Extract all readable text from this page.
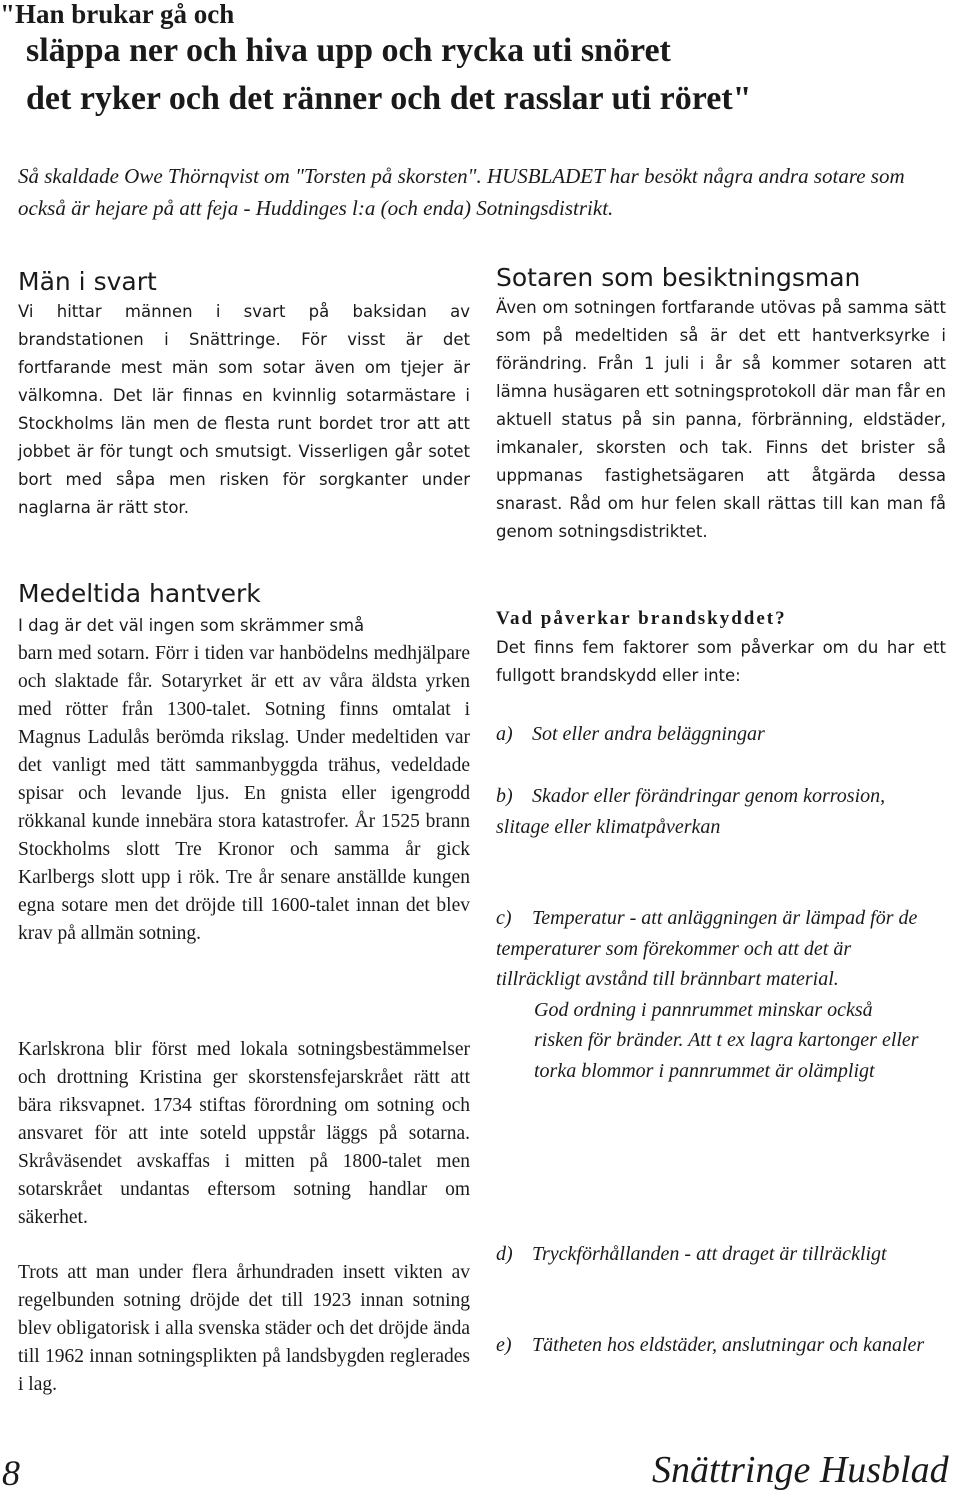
"Han brukar gå och
släppa ner och hiva upp och rycka uti snöret
det ryker och det ränner och det rasslar uti röret"
Så skaldade Owe Thörnqvist om "Torsten på skorsten". HUSBLADET har besökt några andra sotare som också är hejare på att feja - Huddinges l:a (och enda) Sotningsdistrikt.
Män i svart
Vi hittar männen i svart på baksidan av brandstationen i Snättringe. För visst är det fortfarande mest män som sotar även om tjejer är välkomna. Det lär finnas en kvinnlig sotarmästare i Stockholms län men de flesta runt bordet tror att att jobbet är för tungt och smutsigt. Visserligen går sotet bort med såpa men risken för sorgkanter under naglarna är rätt stor.
Medeltida hantverk
I dag är det väl ingen som skrämmer små
barn med sotarn. Förr i tiden var hanbödelns medhjälpare och slaktade får. Sotaryrket är ett av våra äldsta yrken med rötter från 1300-talet. Sotning finns omtalat i Magnus Ladulås berömda rikslag. Under medeltiden var det vanligt med tätt sammanbyggda trähus, vedeldade spisar och levande ljus. En gnista eller igengrodd rökkanal kunde innebära stora katastrofer. År 1525 brann Stockholms slott Tre Kronor och samma år gick Karlbergs slott upp i rök. Tre år senare anställde kungen egna sotare men det dröjde till 1600-talet innan det blev krav på allmän sotning.
Karlskrona blir först med lokala sotningsbestämmelser och drottning Kristina ger skorstensfejarskrået rätt att bära riksvapnet. 1734 stiftas förordning om sotning och ansvaret för att inte soteld uppstår läggs på sotarna. Skråväsendet avskaffas i mitten på 1800-talet men sotarskrået undantas eftersom sotning handlar om säkerhet.
Trots att man under flera århundraden insett vikten av regelbunden sotning dröjde det till 1923 innan sotning blev obligatorisk i alla svenska städer och det dröjde ända till 1962 innan sotningsplikten på landsbygden reglerades i lag.
Sotaren som besiktningsman
Även om sotningen fortfarande utövas på samma sätt som på medeltiden så är det ett hantverksyrke i förändring. Från 1 juli i år så kommer sotaren att lämna husägaren ett sotningsprotokoll där man får en aktuell status på sin panna, förbränning, eldstäder, imkanaler, skorsten och tak. Finns det brister så uppmanas fastighetsägaren att åtgärda dessa snarast. Råd om hur felen skall rättas till kan man få genom sotningsdistriktet.
Vad påverkar brandskyddet?
Det finns fem faktorer som påverkar om du har ett fullgott brandskydd eller inte:
a) Sot eller andra beläggningar
b) Skador eller förändringar genom korrosion, slitage eller klimatpåverkan
c) Temperatur - att anläggningen är lämpad för de temperaturer som förekommer och att det är tillräckligt avstånd till brännbart material.
God ordning i pannrummet minskar också risken för bränder. Att t ex lagra kartonger eller torka blommor i pannrummet är olämpligt
d) Tryckförhållanden - att draget är tillräckligt
e) Tätheten hos eldstäder, anslutningar och kanaler
8	Snättringe Husblad
